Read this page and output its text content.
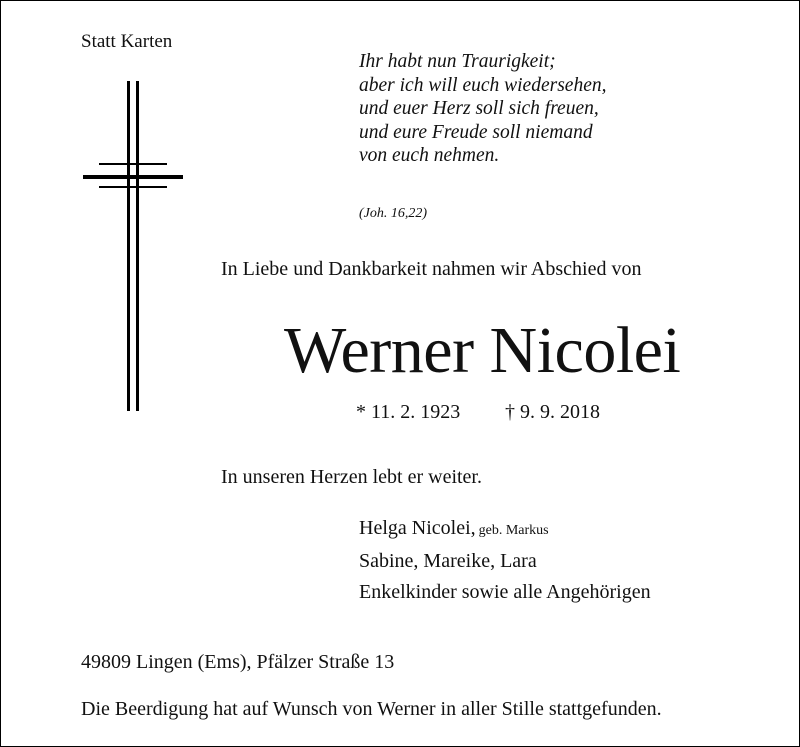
Statt Karten
Ihr habt nun Traurigkeit;
aber ich will euch wiedersehen,
und euer Herz soll sich freuen,
und eure Freude soll niemand
von euch nehmen.
(Joh. 16,22)
In Liebe und Dankbarkeit nahmen wir Abschied von
Werner Nicolei
* 11. 2. 1923 † 9. 9. 2018
In unseren Herzen lebt er weiter.
Helga Nicolei, geb. Markus
Sabine, Mareike, Lara
Enkelkinder sowie alle Angehörigen
49809 Lingen (Ems), Pfälzer Straße 13
Die Beerdigung hat auf Wunsch von Werner in aller Stille stattgefunden.
